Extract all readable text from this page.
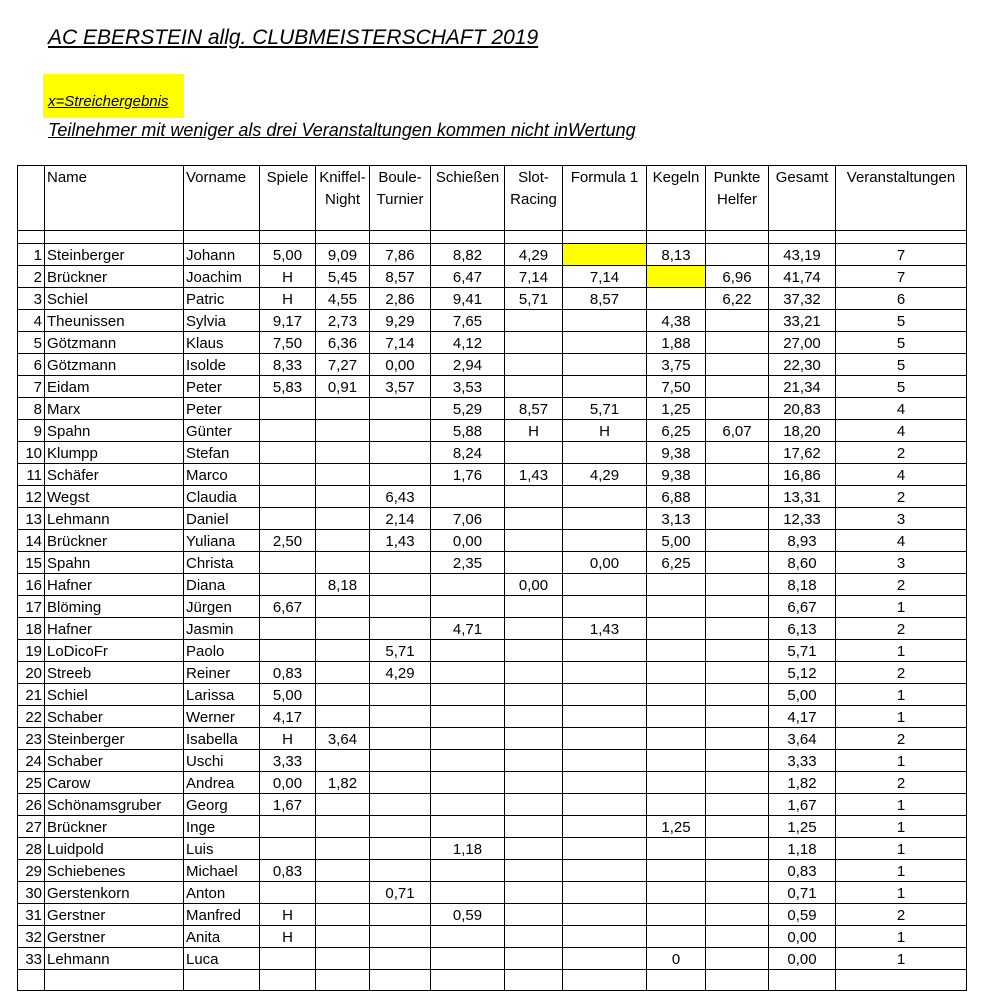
AC EBERSTEIN allg. CLUBMEISTERSCHAFT 2019
x=Streichergebnis
Teilnehmer mit weniger als drei Veranstaltungen kommen nicht inWertung
	Name	Vorname	Spiele	Kniffel-
Night	Boule-
Turnier	Schießen	Slot-
Racing	Formula 1	Kegeln	Punkte
Helfer	Gesamt	Veranstaltungen

1	Steinberger	Johann	5,00	9,09	7,86	8,82	4,29		8,13		43,19	7
2	Brückner	Joachim	H	5,45	8,57	6,47	7,14	7,14		6,96	41,74	7
3	Schiel	Patric	H	4,55	2,86	9,41	5,71	8,57		6,22	37,32	6
4	Theunissen	Sylvia	9,17	2,73	9,29	7,65			4,38		33,21	5
5	Götzmann	Klaus	7,50	6,36	7,14	4,12			1,88		27,00	5
6	Götzmann	Isolde	8,33	7,27	0,00	2,94			3,75		22,30	5
7	Eidam	Peter	5,83	0,91	3,57	3,53			7,50		21,34	5
8	Marx	Peter				5,29	8,57	5,71	1,25		20,83	4
9	Spahn	Günter				5,88	H	H	6,25	6,07	18,20	4
10	Klumpp	Stefan				8,24			9,38		17,62	2
11	Schäfer	Marco				1,76	1,43	4,29	9,38		16,86	4
12	Wegst	Claudia			6,43				6,88		13,31	2
13	Lehmann	Daniel			2,14	7,06			3,13		12,33	3
14	Brückner	Yuliana	2,50		1,43	0,00			5,00		8,93	4
15	Spahn	Christa				2,35		0,00	6,25		8,60	3
16	Hafner	Diana		8,18			0,00				8,18	2
17	Blöming	Jürgen	6,67								6,67	1
18	Hafner	Jasmin				4,71		1,43			6,13	2
19	LoDicoFr	Paolo			5,71						5,71	1
20	Streeb	Reiner	0,83		4,29						5,12	2
21	Schiel	Larissa	5,00								5,00	1
22	Schaber	Werner	4,17								4,17	1
23	Steinberger	Isabella	H	3,64							3,64	2
24	Schaber	Uschi	3,33								3,33	1
25	Carow	Andrea	0,00	1,82							1,82	2
26	Schönamsgruber	Georg	1,67								1,67	1
27	Brückner	Inge							1,25		1,25	1
28	Luidpold	Luis				1,18					1,18	1
29	Schiebenes	Michael	0,83								0,83	1
30	Gerstenkorn	Anton			0,71						0,71	1
31	Gerstner	Manfred	H			0,59					0,59	2
32	Gerstner	Anita	H								0,00	1
33	Lehmann	Luca							0		0,00	1
